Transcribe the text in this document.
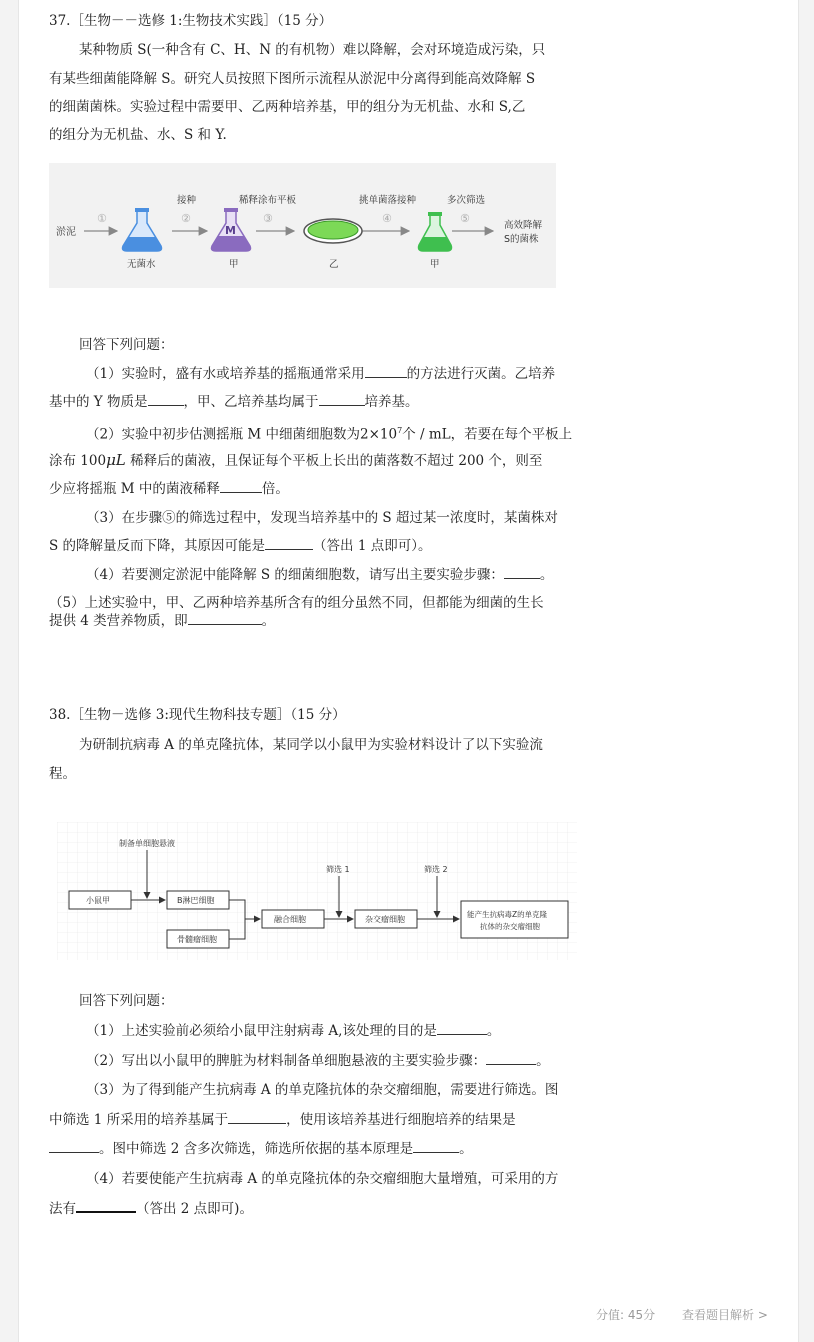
37.［生物－－选修 1:生物技术实践］（15 分）
某种物质 S(一种含有 C、H、N 的有机物）难以降解，会对环境造成污染，只
有某些细菌能降解 S。研究人员按照下图所示流程从淤泥中分离得到能高效降解 S
的细菌菌株。实验过程中需要甲、乙两种培养基，甲的组分为无机盐、水和 S,乙
的组分为无机盐、水、S 和 Y.
淤泥
①	②	③	④	⑤
接种	稀释涂布平板	挑单菌落接种	多次筛选
M
无菌水	甲	乙	甲
高效降解
S的菌株
回答下列问题：
（1）实验时，盛有水或培养基的摇瓶通常采用	的方法进行灭菌。乙培养
基中的 Y 物质是	，甲、乙培养基均属于	培养基。
（2）实验中初步估测摇瓶 M 中细菌细胞数为$2\times 10^7$个 / mL，若要在每个平板上
涂布 100μL 稀释后的菌液，且保证每个平板上长出的菌落数不超过 200 个，则至
少应将摇瓶 M 中的菌液稀释	倍。
（3）在步骤⑤的筛选过程中，发现当培养基中的 S 超过某一浓度时，某菌株对
S 的降解量反而下降，其原因可能是	（答出 1 点即可）。
（4）若要测定淤泥中能降解 S 的细菌细胞数，请写出主要实验步骤：	。
（5）上述实验中，甲、乙两种培养基所含有的组分虽然不同，但都能为细菌的生长
提供 4 类营养物质，即	。
38.［生物－选修 3:现代生物科技专题］（15 分）
为研制抗病毒 A 的单克隆抗体，某同学以小鼠甲为实验材料设计了以下实验流
程。
制备单细胞悬液
筛选 1	筛选 2
小鼠甲	B淋巴细胞
骨髓瘤细胞
融合细胞	杂交瘤细胞
能产生抗病毒Z的单克隆
抗体的杂交瘤细胞
回答下列问题：
（1）上述实验前必须给小鼠甲注射病毒 A,该处理的目的是	。
（2）写出以小鼠甲的脾脏为材料制备单细胞悬液的主要实验步骤：	。
（3）为了得到能产生抗病毒 A 的单克隆抗体的杂交瘤细胞，需要进行筛选。图
中筛选 1 所采用的培养基属于	，使用该培养基进行细胞培养的结果是
。图中筛选 2 含多次筛选，筛选所依据的基本原理是	。
（4）若要使能产生抗病毒 A 的单克隆抗体的杂交瘤细胞大量增殖，可采用的方
法有	（答出 2 点即可)。
分值: 45分 查看题目解析 >
